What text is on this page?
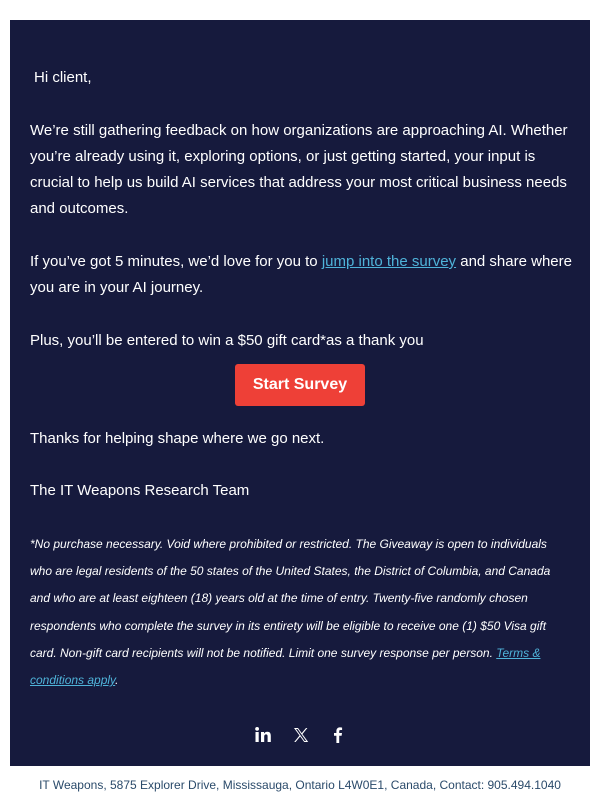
Hi client,

We’re still gathering feedback on how organizations are approaching AI. Whether you’re already using it, exploring options, or just getting started, your input is crucial to help us build AI services that address your most critical business needs and outcomes.

If you’ve got 5 minutes, we’d love for you to jump into the survey and share where you are in your AI journey.

Plus, you’ll be entered to win a $50 gift card*as a thank you

Start Survey

Thanks for helping shape where we go next.

The IT Weapons Research Team

*No purchase necessary. Void where prohibited or restricted. The Giveaway is open to individuals who are legal residents of the 50 states of the United States, the District of Columbia, and Canada and who are at least eighteen (18) years old at the time of entry. Twenty-five randomly chosen respondents who complete the survey in its entirety will be eligible to receive one (1) $50 Visa gift card. Non-gift card recipients will not be notified. Limit one survey response per person. Terms & conditions apply.

IT Weapons, 5875 Explorer Drive, Mississauga, Ontario L4W0E1, Canada, Contact: 905.494.1040
